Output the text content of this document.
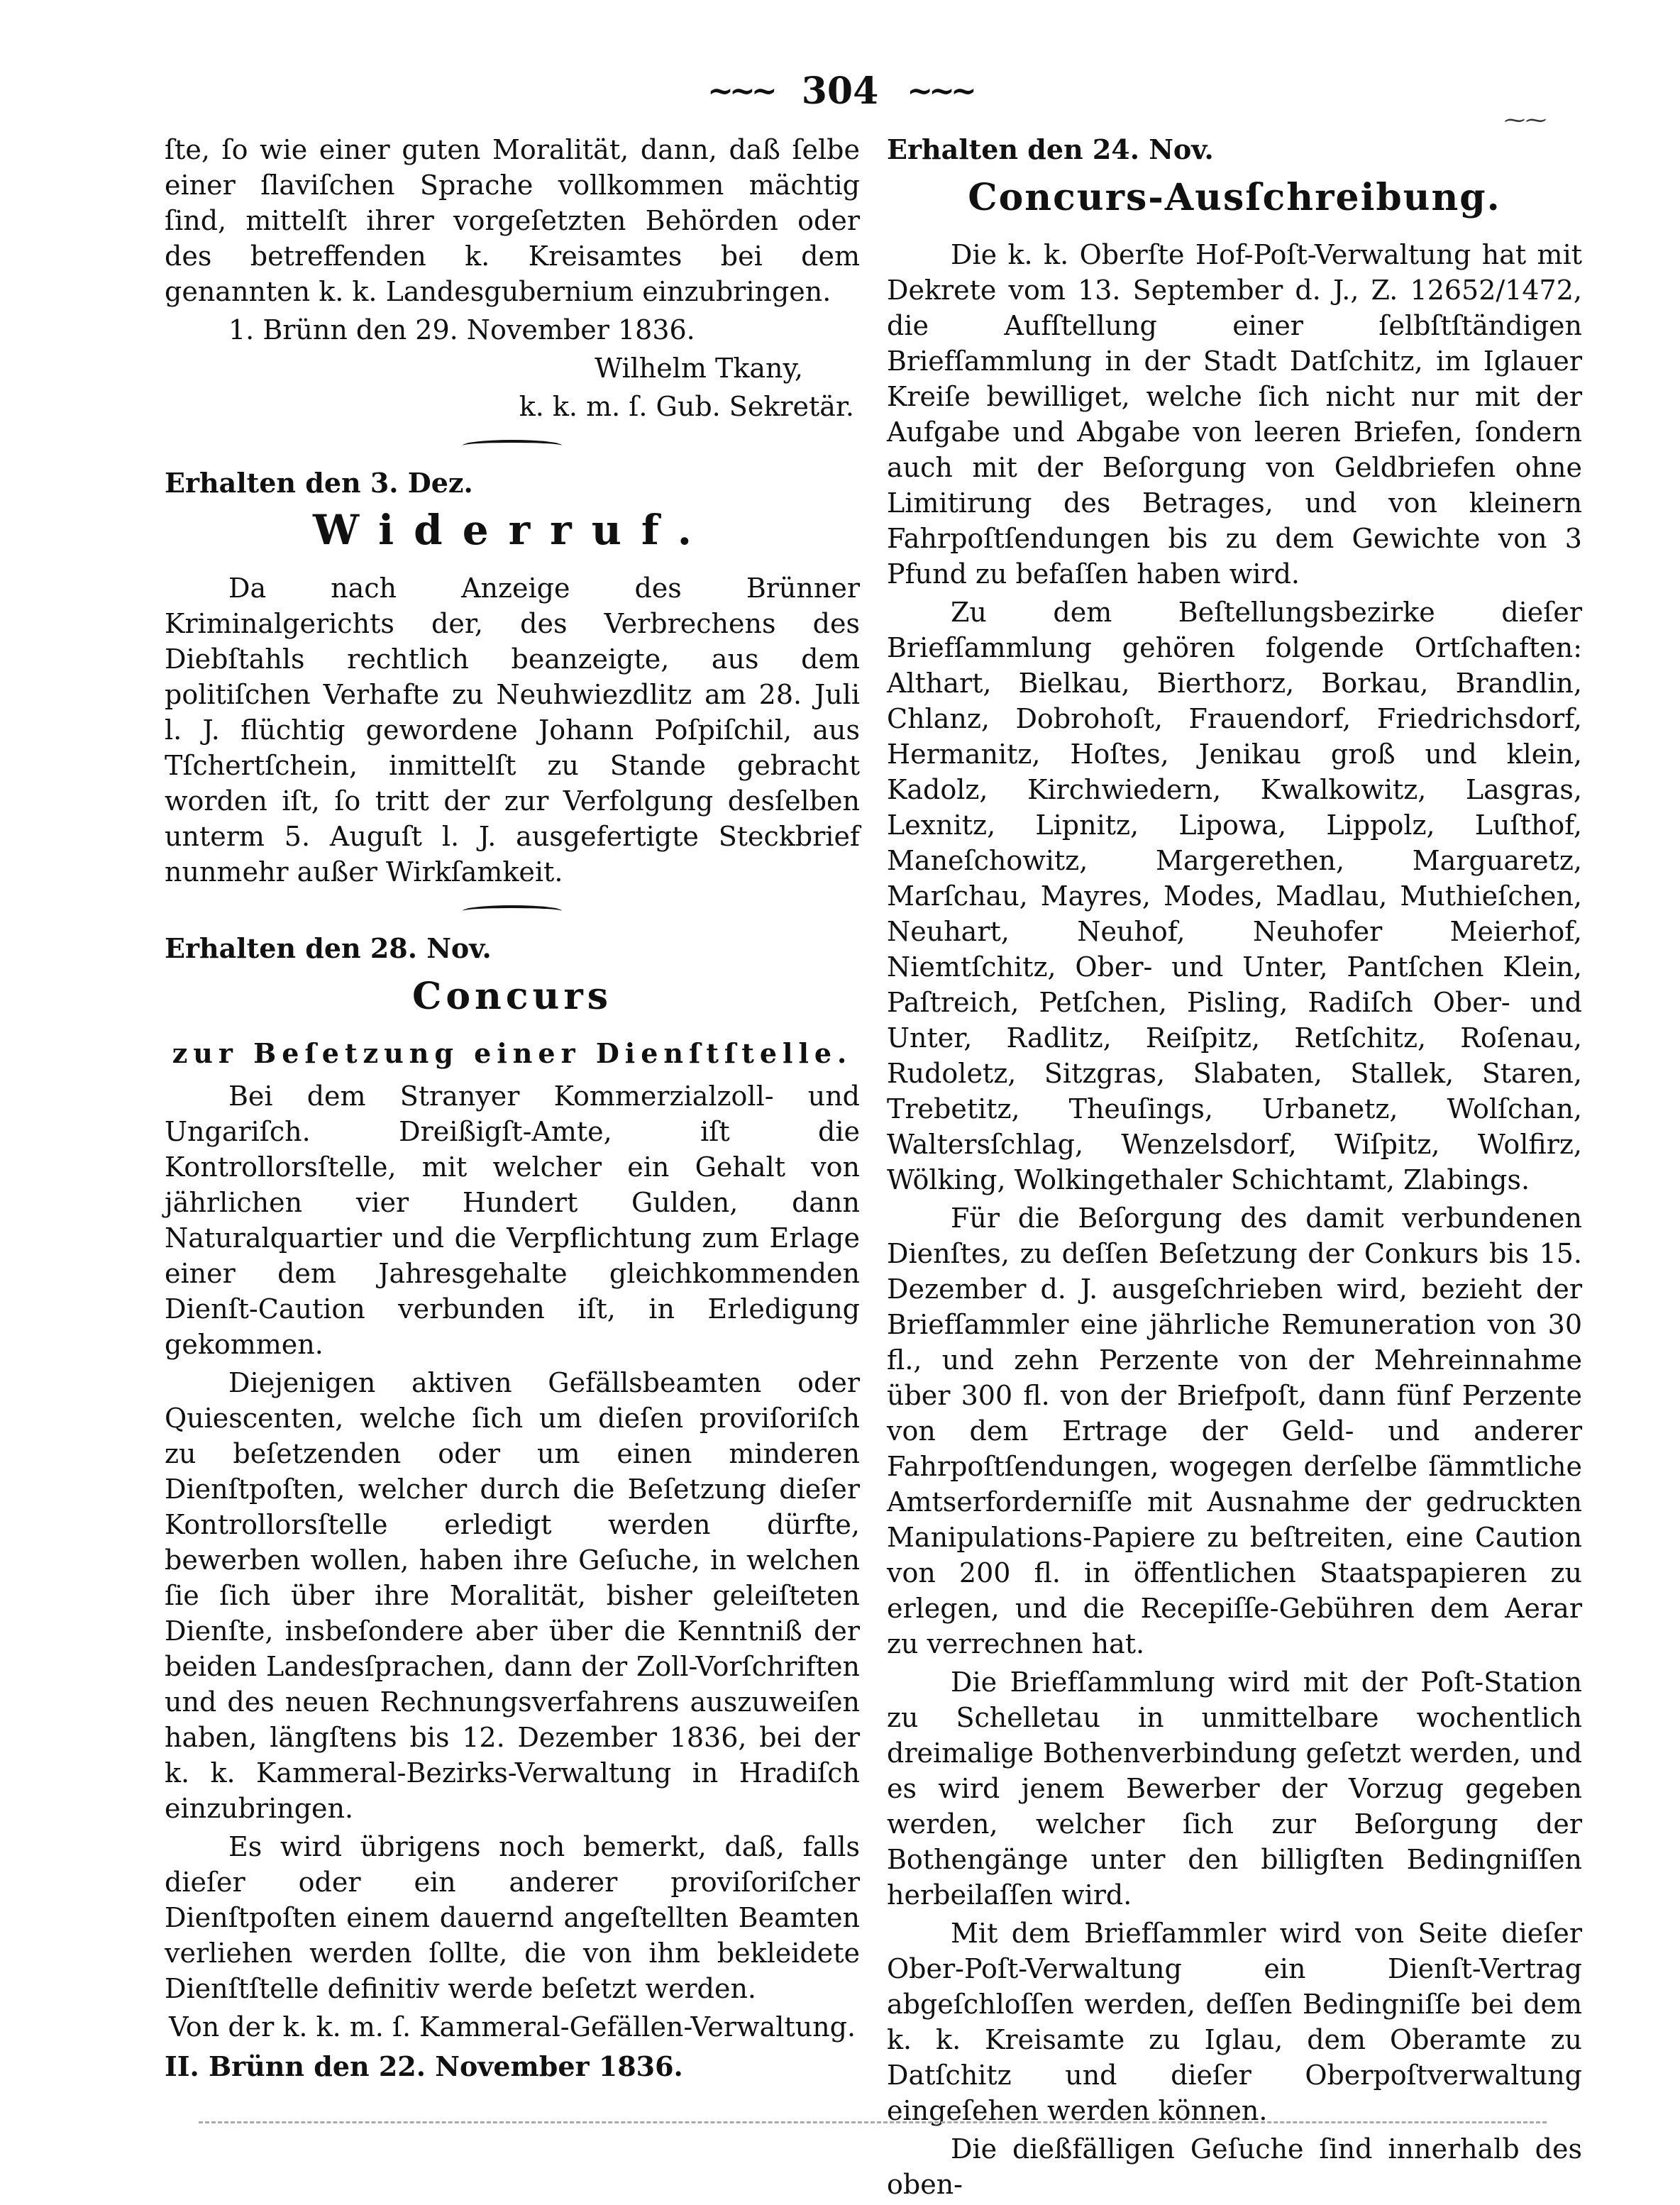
~~~ 304 ~~~
⁓⁓

ſte, ſo wie einer guten Moralität, dann, daß ſelbe einer ſlaviſchen Sprache vollkommen mächtig ſind, mittelſt ihrer vorgeſetzten Behörden oder des betreffenden k. Kreisamtes bei dem genannten k. k. Landesgubernium einzubringen.

1. Brünn den 29. November 1836.

Wilhelm Tkany,

k. k. m. ſ. Gub. Sekretär.

Erhalten den 3. Dez.

Widerruf.

Da nach Anzeige des Brünner Kriminalgerichts der, des Verbrechens des Diebſtahls rechtlich beanzeigte, aus dem politiſchen Verhafte zu Neuhwiezdlitz am 28. Juli l. J. flüchtig gewordene Johann Poſpiſchil, aus Tſchertſchein, inmittelſt zu Stande gebracht worden iſt, ſo tritt der zur Verfolgung desſelben unterm 5. Auguſt l. J. ausgefertigte Steckbrief nunmehr außer Wirkſamkeit.

Erhalten den 28. Nov.

Concurs
zur Beſetzung einer Dienſtſtelle.

Bei dem Stranyer Kommerzialzoll- und Ungariſch. Dreißigſt-Amte, iſt die Kontrollorsſtelle, mit welcher ein Gehalt von jährlichen vier Hundert Gulden, dann Naturalquartier und die Verpflichtung zum Erlage einer dem Jahresgehalte gleichkommenden Dienſt-Caution verbunden iſt, in Erledigung gekommen.

Diejenigen aktiven Gefällsbeamten oder Quiescenten, welche ſich um dieſen proviſoriſch zu beſetzenden oder um einen minderen Dienſtpoſten, welcher durch die Beſetzung dieſer Kontrollorsſtelle erledigt werden dürfte, bewerben wollen, haben ihre Geſuche, in welchen ſie ſich über ihre Moralität, bisher geleiſteten Dienſte, insbeſondere aber über die Kenntniß der beiden Landesſprachen, dann der Zoll-Vorſchriften und des neuen Rechnungsverfahrens auszuweiſen haben, längſtens bis 12. Dezember 1836, bei der k. k. Kammeral-Bezirks-Verwaltung in Hradiſch einzubringen.

Es wird übrigens noch bemerkt, daß, falls dieſer oder ein anderer proviſoriſcher Dienſtpoſten einem dauernd angeſtellten Beamten verliehen werden ſollte, die von ihm bekleidete Dienſtſtelle definitiv werde beſetzt werden.

Von der k. k. m. ſ. Kammeral-Gefällen-Verwaltung.

II. Brünn den 22. November 1836.

Erhalten den 24. Nov.

Concurs-Ausſchreibung.

Die k. k. Oberſte Hof-Poſt-Verwaltung hat mit Dekrete vom 13. September d. J., Z. 12652/1472, die Aufſtellung einer ſelbſtſtändigen Briefſammlung in der Stadt Datſchitz, im Iglauer Kreiſe bewilliget, welche ſich nicht nur mit der Aufgabe und Abgabe von leeren Briefen, ſondern auch mit der Beſorgung von Geldbriefen ohne Limitirung des Betrages, und von kleinern Fahrpoſtſendungen bis zu dem Gewichte von 3 Pfund zu befaſſen haben wird.

Zu dem Beſtellungsbezirke dieſer Briefſammlung gehören folgende Ortſchaften: Althart, Bielkau, Bierthorz, Borkau, Brandlin, Chlanz, Dobrohoſt, Frauendorf, Friedrichsdorf, Hermanitz, Hoſtes, Jenikau groß und klein, Kadolz, Kirchwiedern, Kwalkowitz, Lasgras, Lexnitz, Lipnitz, Lipowa, Lippolz, Luſthof, Maneſchowitz, Margerethen, Marguaretz, Marſchau, Mayres, Modes, Madlau, Muthieſchen, Neuhart, Neuhof, Neuhofer Meierhof, Niemtſchitz, Ober- und Unter, Pantſchen Klein, Paſtreich, Petſchen, Pisling, Radiſch Ober- und Unter, Radlitz, Reiſpitz, Retſchitz, Roſenau, Rudoletz, Sitzgras, Slabaten, Stallek, Staren, Trebetitz, Theuſings, Urbanetz, Wolſchan, Waltersſchlag, Wenzelsdorf, Wiſpitz, Wolfirz, Wölking, Wolkingethaler Schichtamt, Zlabings.

Für die Beſorgung des damit verbundenen Dienſtes, zu deſſen Beſetzung der Conkurs bis 15. Dezember d. J. ausgeſchrieben wird, bezieht der Briefſammler eine jährliche Remuneration von 30 fl., und zehn Perzente von der Mehreinnahme über 300 fl. von der Briefpoſt, dann fünf Perzente von dem Ertrage der Geld- und anderer Fahrpoſtſendungen, wogegen derſelbe ſämmtliche Amtserforderniſſe mit Ausnahme der gedruckten Manipulations-Papiere zu beſtreiten, eine Caution von 200 fl. in öffentlichen Staatspapieren zu erlegen, und die Recepiſſe-Gebühren dem Aerar zu verrechnen hat.

Die Briefſammlung wird mit der Poſt-Station zu Schelletau in unmittelbare wochentlich dreimalige Bothenverbindung geſetzt werden, und es wird jenem Bewerber der Vorzug gegeben werden, welcher ſich zur Beſorgung der Bothengänge unter den billigſten Bedingniſſen herbeilaſſen wird.

Mit dem Briefſammler wird von Seite dieſer Ober-Poſt-Verwaltung ein Dienſt-Vertrag abgeſchloſſen werden, deſſen Bedingniſſe bei dem k. k. Kreisamte zu Iglau, dem Oberamte zu Datſchitz und dieſer Oberpoſtverwaltung eingeſehen werden können.

Die dießfälligen Geſuche ſind innerhalb des oben-
